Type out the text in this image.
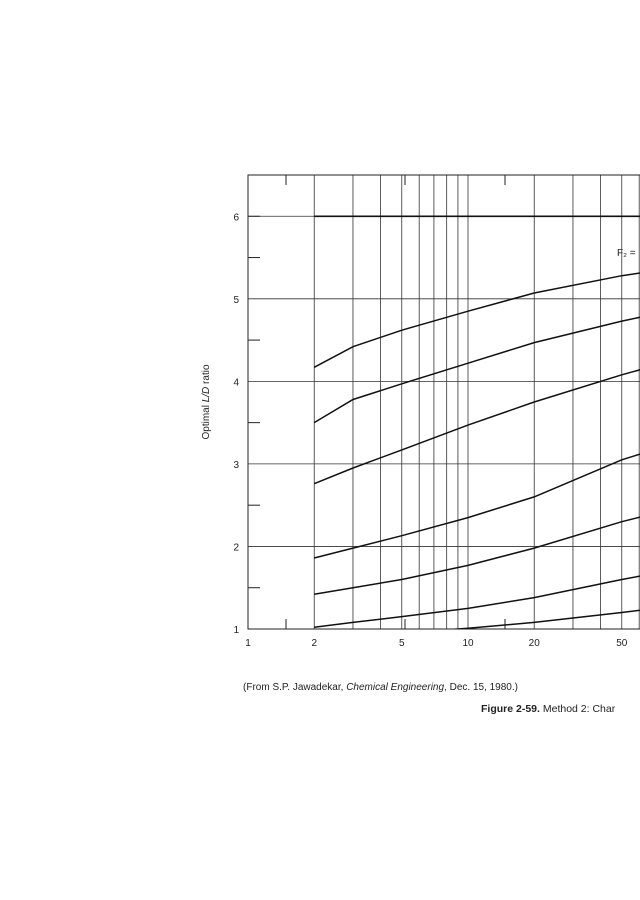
1	2	5	10	20	50
1
2
3
4
5
6
F₂ =
Optimal L/D ratio
(From S.P. Jawadekar, Chemical Engineering, Dec. 15, 1980.)
Figure 2-59. Method 2: Char
